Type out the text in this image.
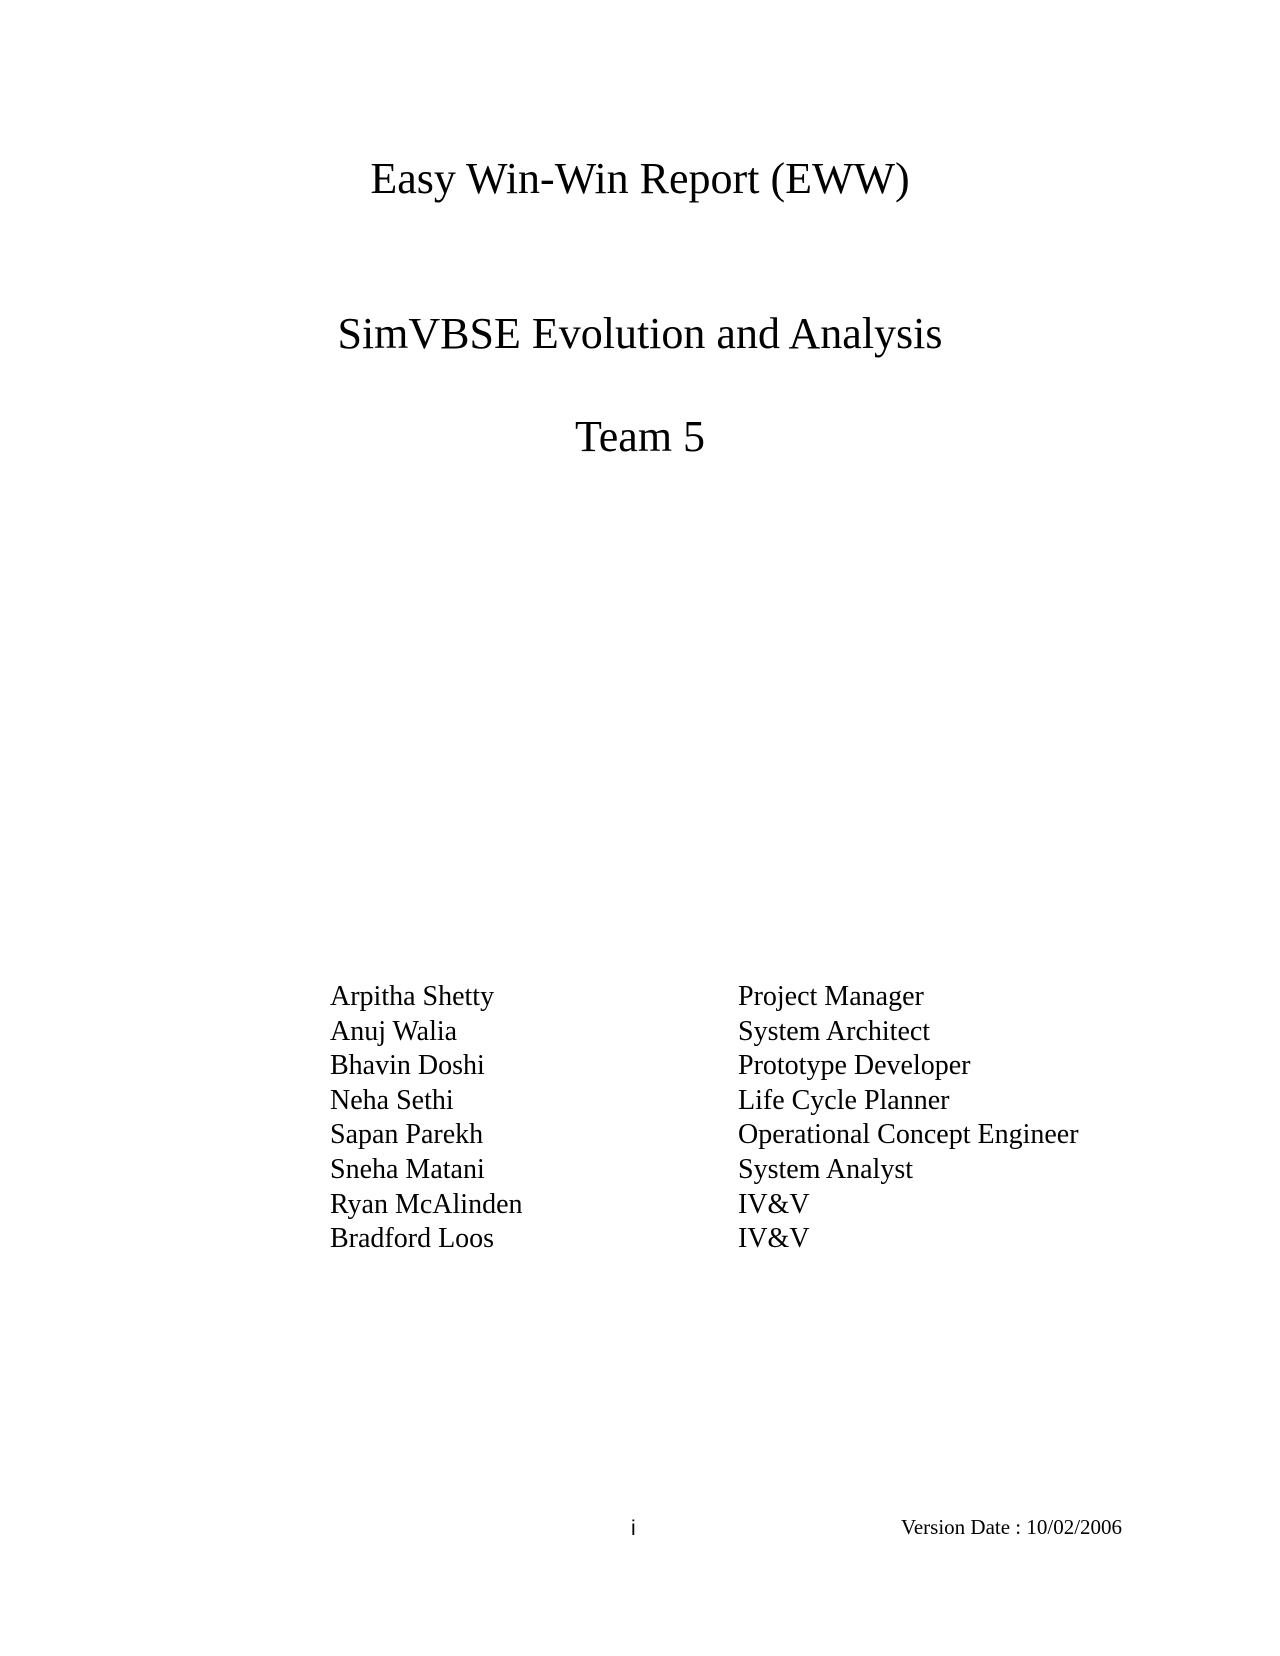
Easy Win-Win Report (EWW)
SimVBSE Evolution and Analysis
Team 5
Arpitha Shetty	Project Manager
Anuj Walia	System Architect
Bhavin Doshi	Prototype Developer
Neha Sethi	Life Cycle Planner
Sapan Parekh	Operational Concept Engineer
Sneha Matani	System Analyst
Ryan McAlinden	IV&V
Bradford Loos	IV&V
i	Version Date : 10/02/2006
